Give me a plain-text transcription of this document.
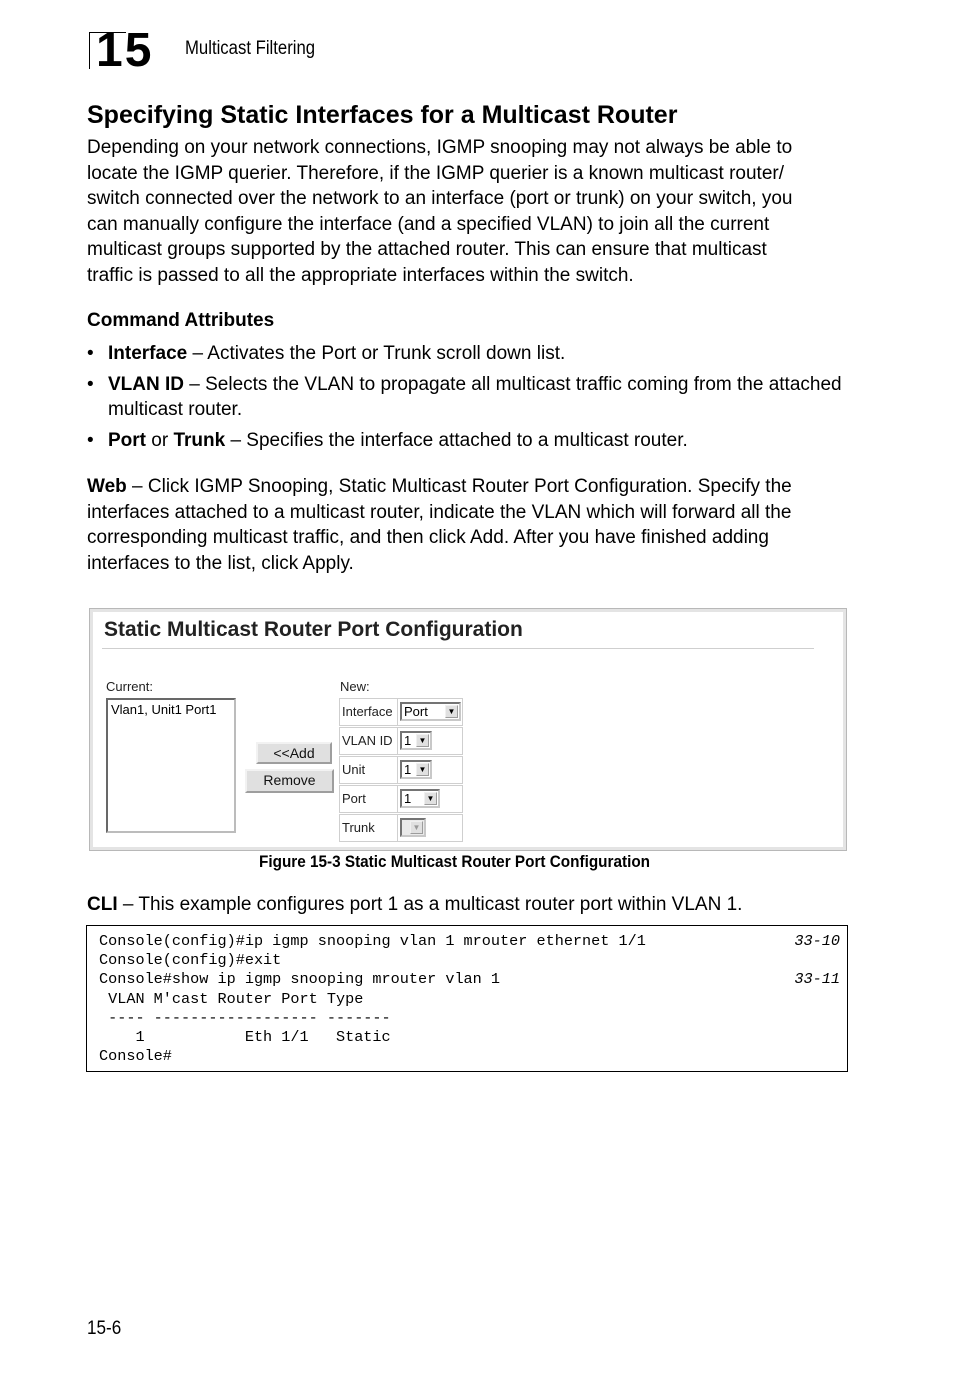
15 Multicast Filtering
Specifying Static Interfaces for a Multicast Router
Depending on your network connections, IGMP snooping may not always be able to
locate the IGMP querier. Therefore, if the IGMP querier is a known multicast router/
switch connected over the network to an interface (port or trunk) on your switch, you
can manually configure the interface (and a specified VLAN) to join all the current
multicast groups supported by the attached router. This can ensure that multicast
traffic is passed to all the appropriate interfaces within the switch.
Command Attributes
• Interface – Activates the Port or Trunk scroll down list.
• VLAN ID – Selects the VLAN to propagate all multicast traffic coming from the attached multicast router.
• Port or Trunk – Specifies the interface attached to a multicast router.
Web – Click IGMP Snooping, Static Multicast Router Port Configuration. Specify the
interfaces attached to a multicast router, indicate the VLAN which will forward all the
corresponding multicast traffic, and then click Add. After you have finished adding
interfaces to the list, click Apply.
Static Multicast Router Port Configuration
Current:
Vlan1, Unit1 Port1
<<Add
Remove
New:
Interface Port	▼
VLAN ID 1 ▼
Unit	1 ▼
Port	1	▼
Trunk	▼
Figure 15-3 Static Multicast Router Port Configuration
CLI – This example configures port 1 as a multicast router port within VLAN 1.
Console(config)#ip igmp snooping vlan 1 mrouter ethernet 1/1	33-10
Console(config)#exit
Console#show ip igmp snooping mrouter vlan 1	33-11
VLAN M'cast Router Port Type
---- ------------------ -------
1           Eth 1/1   Static
Console#
15-6
